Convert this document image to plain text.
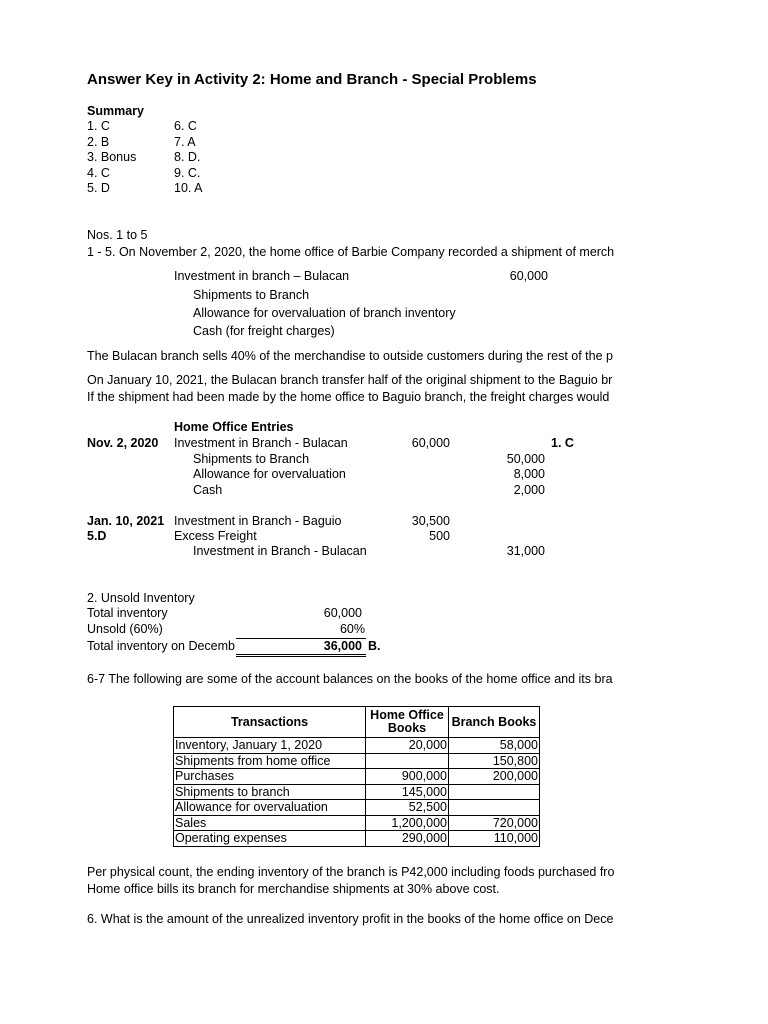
Answer Key in Activity 2: Home and Branch - Special Problems
Summary
1. C
2. B
3. Bonus
4. C
5. D

6. C
7. A
8. D.
9. C.
10. A
Nos. 1 to 5
1 - 5. On November 2, 2020, the home office of Barbie Company recorded a shipment of merch
Investment in branch – Bulacan	60,000
Shipments to Branch
Allowance for overvaluation of branch inventory
Cash (for freight charges)
The Bulacan branch sells 40% of the merchandise to outside customers during the rest of the p
On January 10, 2021, the Bulacan branch transfer half of the original shipment to the Baguio br
If the shipment had been made by the home office to Baguio branch, the freight charges would
Home Office Entries
Nov. 2, 2020 Investment in Branch - Bulacan	60,000	1. C
Shipments to Branch	50,000
Allowance for overvaluation	8,000
Cash	2,000
Jan. 10, 2021 Investment in Branch - Baguio	30,500
5.D	Excess Freight	500
Investment in Branch - Bulacan	31,000
2. Unsold Inventory
Total inventory	60,000
Unsold (60%)	60%
Total inventory on Decemb	36,000 B.
6-7 The following are some of the account balances on the books of the home office and its bra
Transactions	Home Office Books	Branch Books
Inventory, January 1, 2020	20,000	58,000
Shipments from home office		150,800
Purchases	900,000	200,000
Shipments to branch	145,000	
Allowance for overvaluation	52,500	
Sales	1,200,000	720,000
Operating expenses	290,000	110,000
Per physical count, the ending inventory of the branch is P42,000 including foods purchased fro
Home office bills its branch for merchandise shipments at 30% above cost.
6. What is the amount of the unrealized inventory profit in the books of the home office on Dece
